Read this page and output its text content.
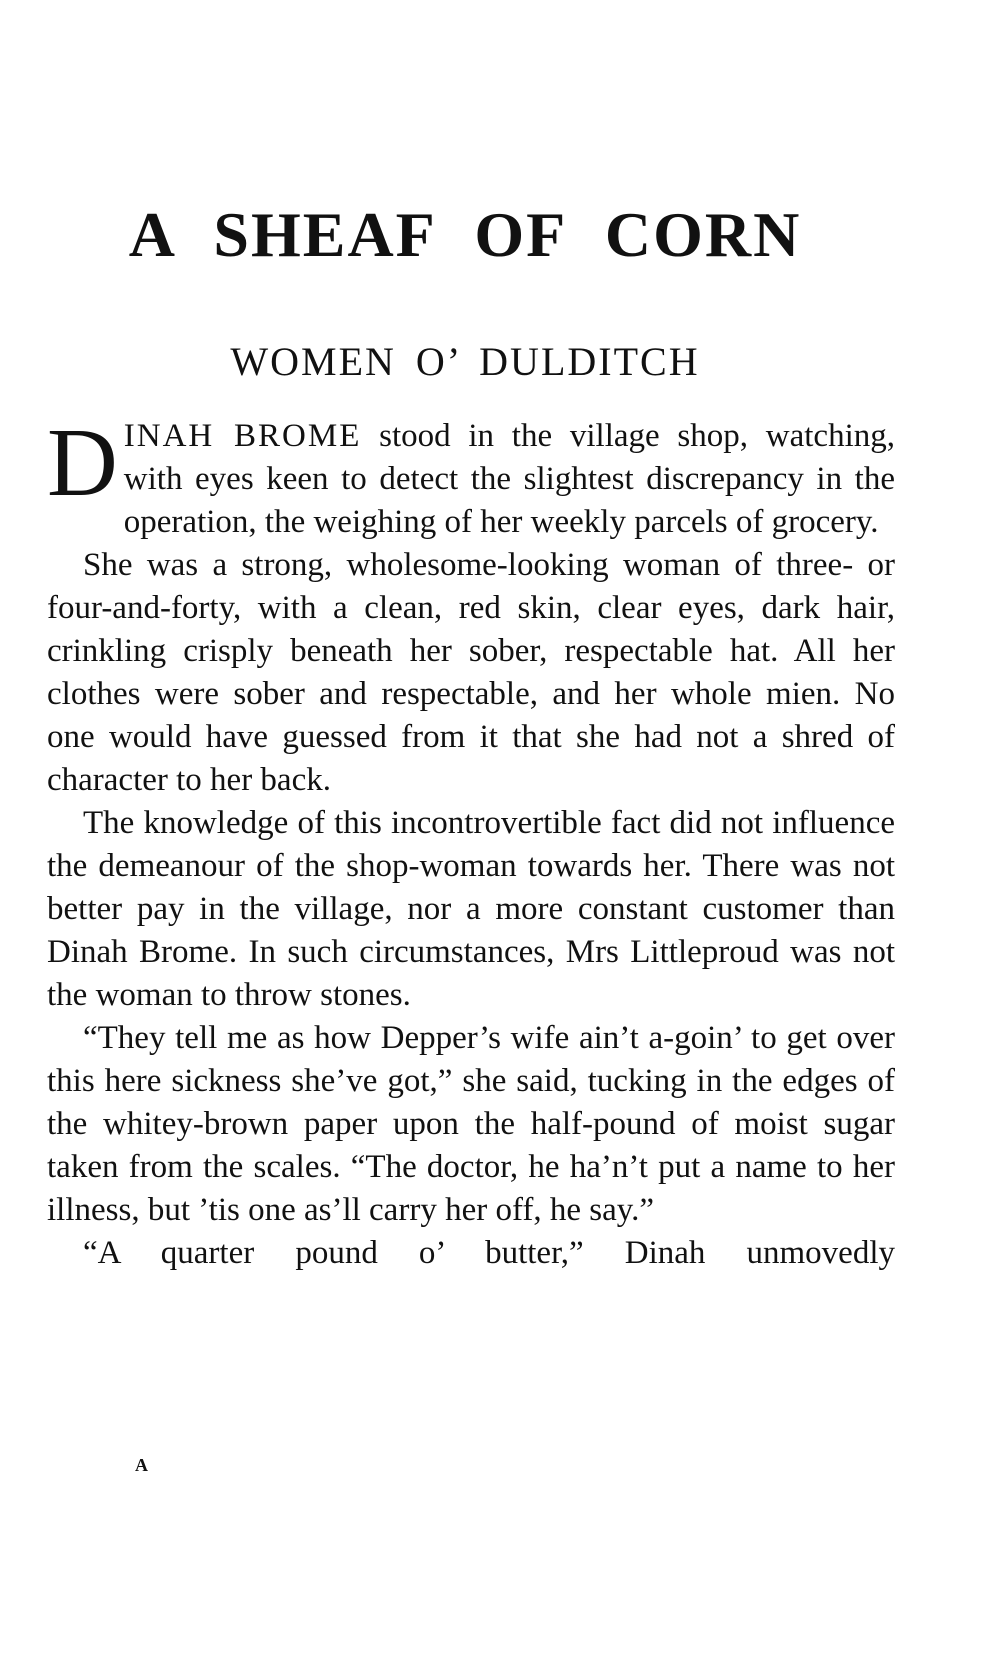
A SHEAF OF CORN
WOMEN O’ DULDITCH

DINAH BROME stood in the village shop, watching, with eyes keen to detect the slightest discrepancy in the operation, the weighing of her weekly parcels of grocery.

She was a strong, wholesome-looking woman of three- or four-and-forty, with a clean, red skin, clear eyes, dark hair, crinkling crisply beneath her sober, respectable hat. All her clothes were sober and respectable, and her whole mien. No one would have guessed from it that she had not a shred of character to her back.

The knowledge of this incontrovertible fact did not influence the demeanour of the shop-woman towards her. There was not better pay in the village, nor a more constant customer than Dinah Brome. In such circumstances, Mrs Littleproud was not the woman to throw stones.

“They tell me as how Depper’s wife ain’t a-goin’ to get over this here sickness she’ve got,” she said, tucking in the edges of the whitey-brown paper upon the half-pound of moist sugar taken from the scales. “The doctor, he ha’n’t put a name to her illness, but ’tis one as’ll carry her off, he say.”

“A quarter pound o’ butter,” Dinah unmovedly

A
